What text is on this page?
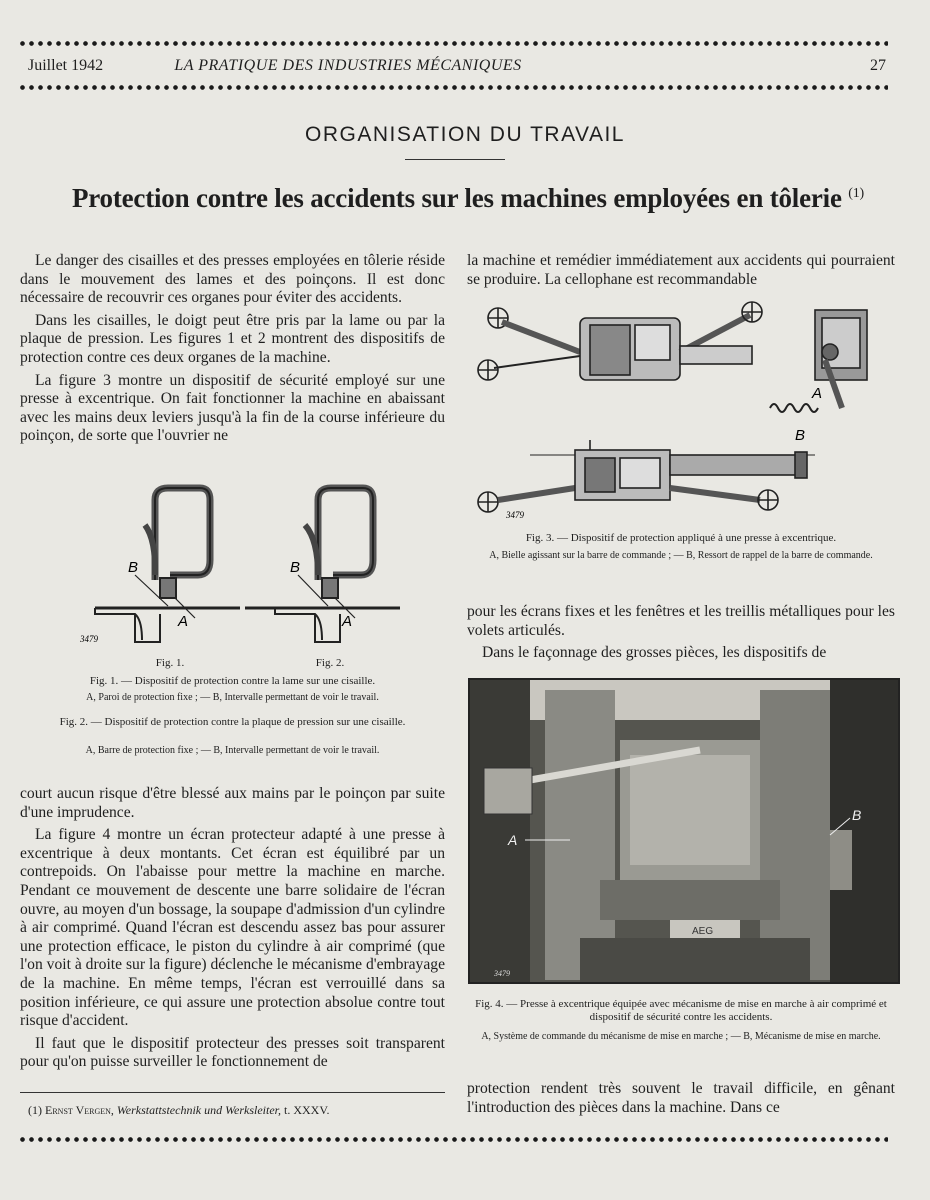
Juillet 1942	LA PRATIQUE DES INDUSTRIES MÉCANIQUES	27
ORGANISATION DU TRAVAIL
Protection contre les accidents sur les machines employées en tôlerie $^{(1)}$

Le danger des cisailles et des presses employées en tôlerie réside dans le mouvement des lames et des poinçons. Il est donc nécessaire de recouvrir ces organes pour éviter des accidents.

Dans les cisailles, le doigt peut être pris par la lame ou par la plaque de pression. Les figures 1 et 2 montrent des dispositifs de protection contre ces deux organes de la machine.

La figure 3 montre un dispositif de sécurité employé sur une presse à excentrique. On fait fonctionner la machine en abaissant avec les mains deux leviers jusqu'à la fin de la course inférieure du poinçon, de sorte que l'ouvrier ne

B
A
B
A
3479
Fig. 1.	Fig. 2.
Fig. 1. — Dispositif de protection contre la lame sur une cisaille.
A, Paroi de protection fixe ; — B, Intervalle permettant de voir le travail.
Fig. 2. — Dispositif de protection contre la plaque de pression sur une cisaille.
A, Barre de protection fixe ; — B, Intervalle permettant de voir le travail.

court aucun risque d'être blessé aux mains par le poinçon par suite d'une imprudence.

La figure 4 montre un écran protecteur adapté à une presse à excentrique à deux montants. Cet écran est équilibré par un contrepoids. On l'abaisse pour mettre la machine en marche. Pendant ce mouvement de descente une barre solidaire de l'écran ouvre, au moyen d'un bossage, la soupape d'admission d'un cylindre à air comprimé. Quand l'écran est descendu assez bas pour assurer une protection efficace, le piston du cylindre à air comprimé (que l'on voit à droite sur la figure) déclenche le mécanisme d'embrayage de la machine. En même temps, l'écran est verrouillé dans sa position inférieure, ce qui assure une protection absolue contre tout risque d'accident.

Il faut que le dispositif protecteur des presses soit transparent pour qu'on puisse surveiller le fonctionnement de

(1) Ernst Vergen, Werkstattstechnik und Werksleiter, t. XXXV.

la machine et remédier immédiatement aux accidents qui pourraient se produire. La cellophane est recommandable

A
B
3479
Fig. 3. — Dispositif de protection appliqué à une presse à excentrique.
A, Bielle agissant sur la barre de commande ; — B, Ressort de rappel de la barre de commande.

pour les écrans fixes et les fenêtres et les treillis métalliques pour les volets articulés.

Dans le façonnage des grosses pièces, les dispositifs de

A
B
AEG
3479
Fig. 4. — Presse à excentrique équipée avec mécanisme de mise en marche à air comprimé et dispositif de sécurité contre les accidents.
A, Système de commande du mécanisme de mise en marche ; — B, Mécanisme de mise en marche.

protection rendent très souvent le travail difficile, en gênant l'introduction des pièces dans la machine. Dans ce
